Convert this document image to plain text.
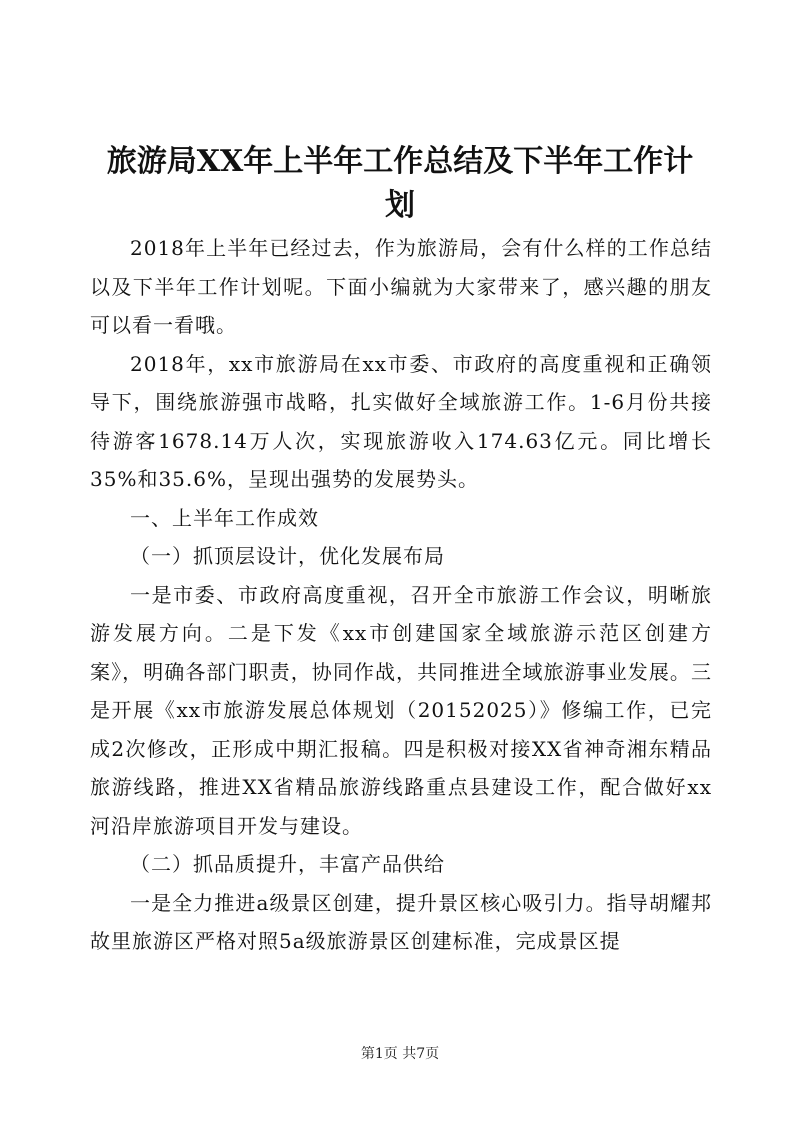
旅游局XX年上半年工作总结及下半年工作计
划

2018年上半年已经过去，作为旅游局，会有什么样的工作总结以及下半年工作计划呢。下面小编就为大家带来了，感兴趣的朋友可以看一看哦。

2018年，xx市旅游局在xx市委、市政府的高度重视和正确领导下，围绕旅游强市战略，扎实做好全域旅游工作。1-6月份共接待游客1678.14万人次，实现旅游收入174.63亿元。同比增长35%和35.6%，呈现出强势的发展势头。

一、上半年工作成效

（一）抓顶层设计，优化发展布局

一是市委、市政府高度重视，召开全市旅游工作会议，明晰旅游发展方向。二是下发《xx市创建国家全域旅游示范区创建方案》，明确各部门职责，协同作战，共同推进全域旅游事业发展。三是开展《xx市旅游发展总体规划（20152025）》修编工作，已完成2次修改，正形成中期汇报稿。四是积极对接XX省神奇湘东精品旅游线路，推进XX省精品旅游线路重点县建设工作，配合做好xx河沿岸旅游项目开发与建设。

（二）抓品质提升，丰富产品供给

一是全力推进a级景区创建，提升景区核心吸引力。指导胡耀邦故里旅游区严格对照5a级旅游景区创建标准，完成景区提

第1页 共7页
